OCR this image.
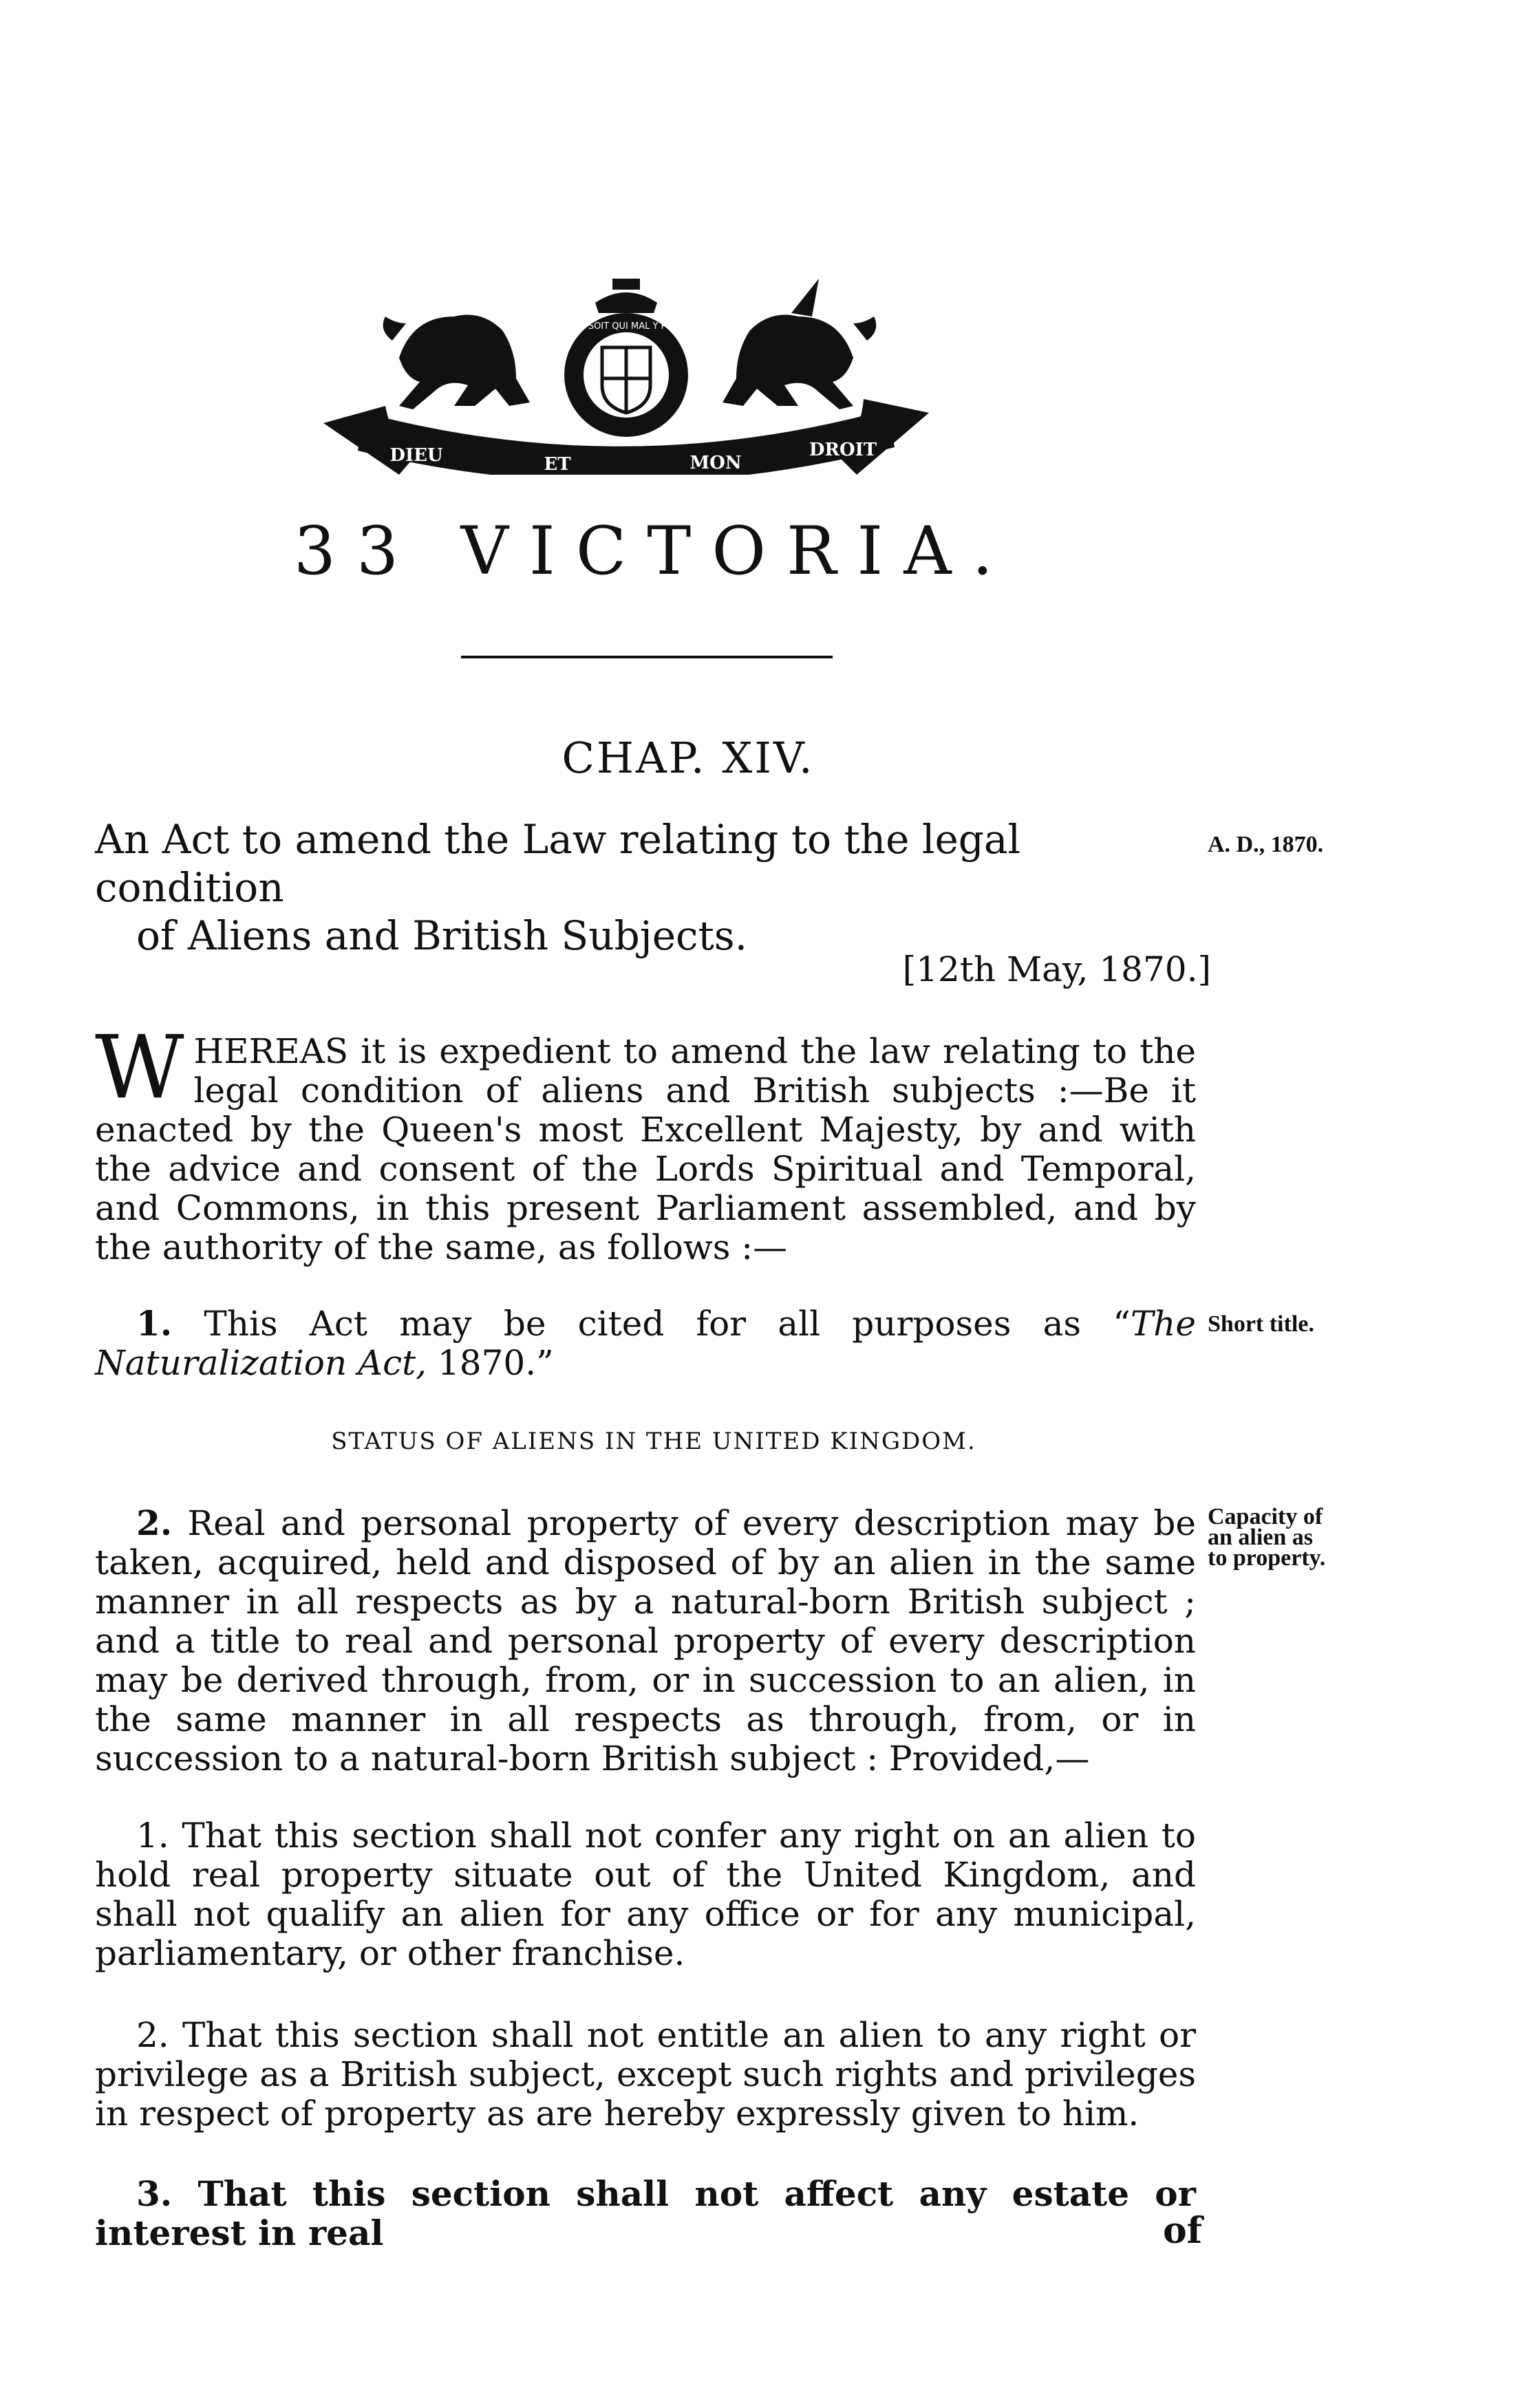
DIEU	ET	MON
DROIT
HONI SOIT QUI MAL Y PENSE
33 VICTORIA.
CHAP. XIV.
An Act to amend the Law relating to the legal condition
of Aliens and British Subjects.
A. D., 1870.
[12th May, 1870.]
W HEREAS it is expedient to amend the law relating to the legal condition of aliens and British subjects :—Be it enacted by the Queen's most Excellent Majesty, by and with the advice and consent of the Lords Spiritual and Temporal, and Commons, in this present Parliament assembled, and by the authority of the same, as follows :—

1. This Act may be cited for all purposes as “The Naturalization Act, 1870.”

Short title.
STATUS OF ALIENS IN THE UNITED KINGDOM.

2. Real and personal property of every description may be taken, acquired, held and disposed of by an alien in the same manner in all respects as by a natural-born British subject ; and a title to real and personal property of every description may be derived through, from, or in succession to an alien, in the same manner in all respects as through, from, or in succession to a natural-born British subject : Provided,—

Capacity of
an alien as
to property.

1. That this section shall not confer any right on an alien to hold real property situate out of the United Kingdom, and shall not qualify an alien for any office or for any municipal, parliamentary, or other franchise.

2. That this section shall not entitle an alien to any right or privilege as a British subject, except such rights and privileges in respect of property as are hereby expressly given to him.

3. That this section shall not affect any estate or interest in real	of
